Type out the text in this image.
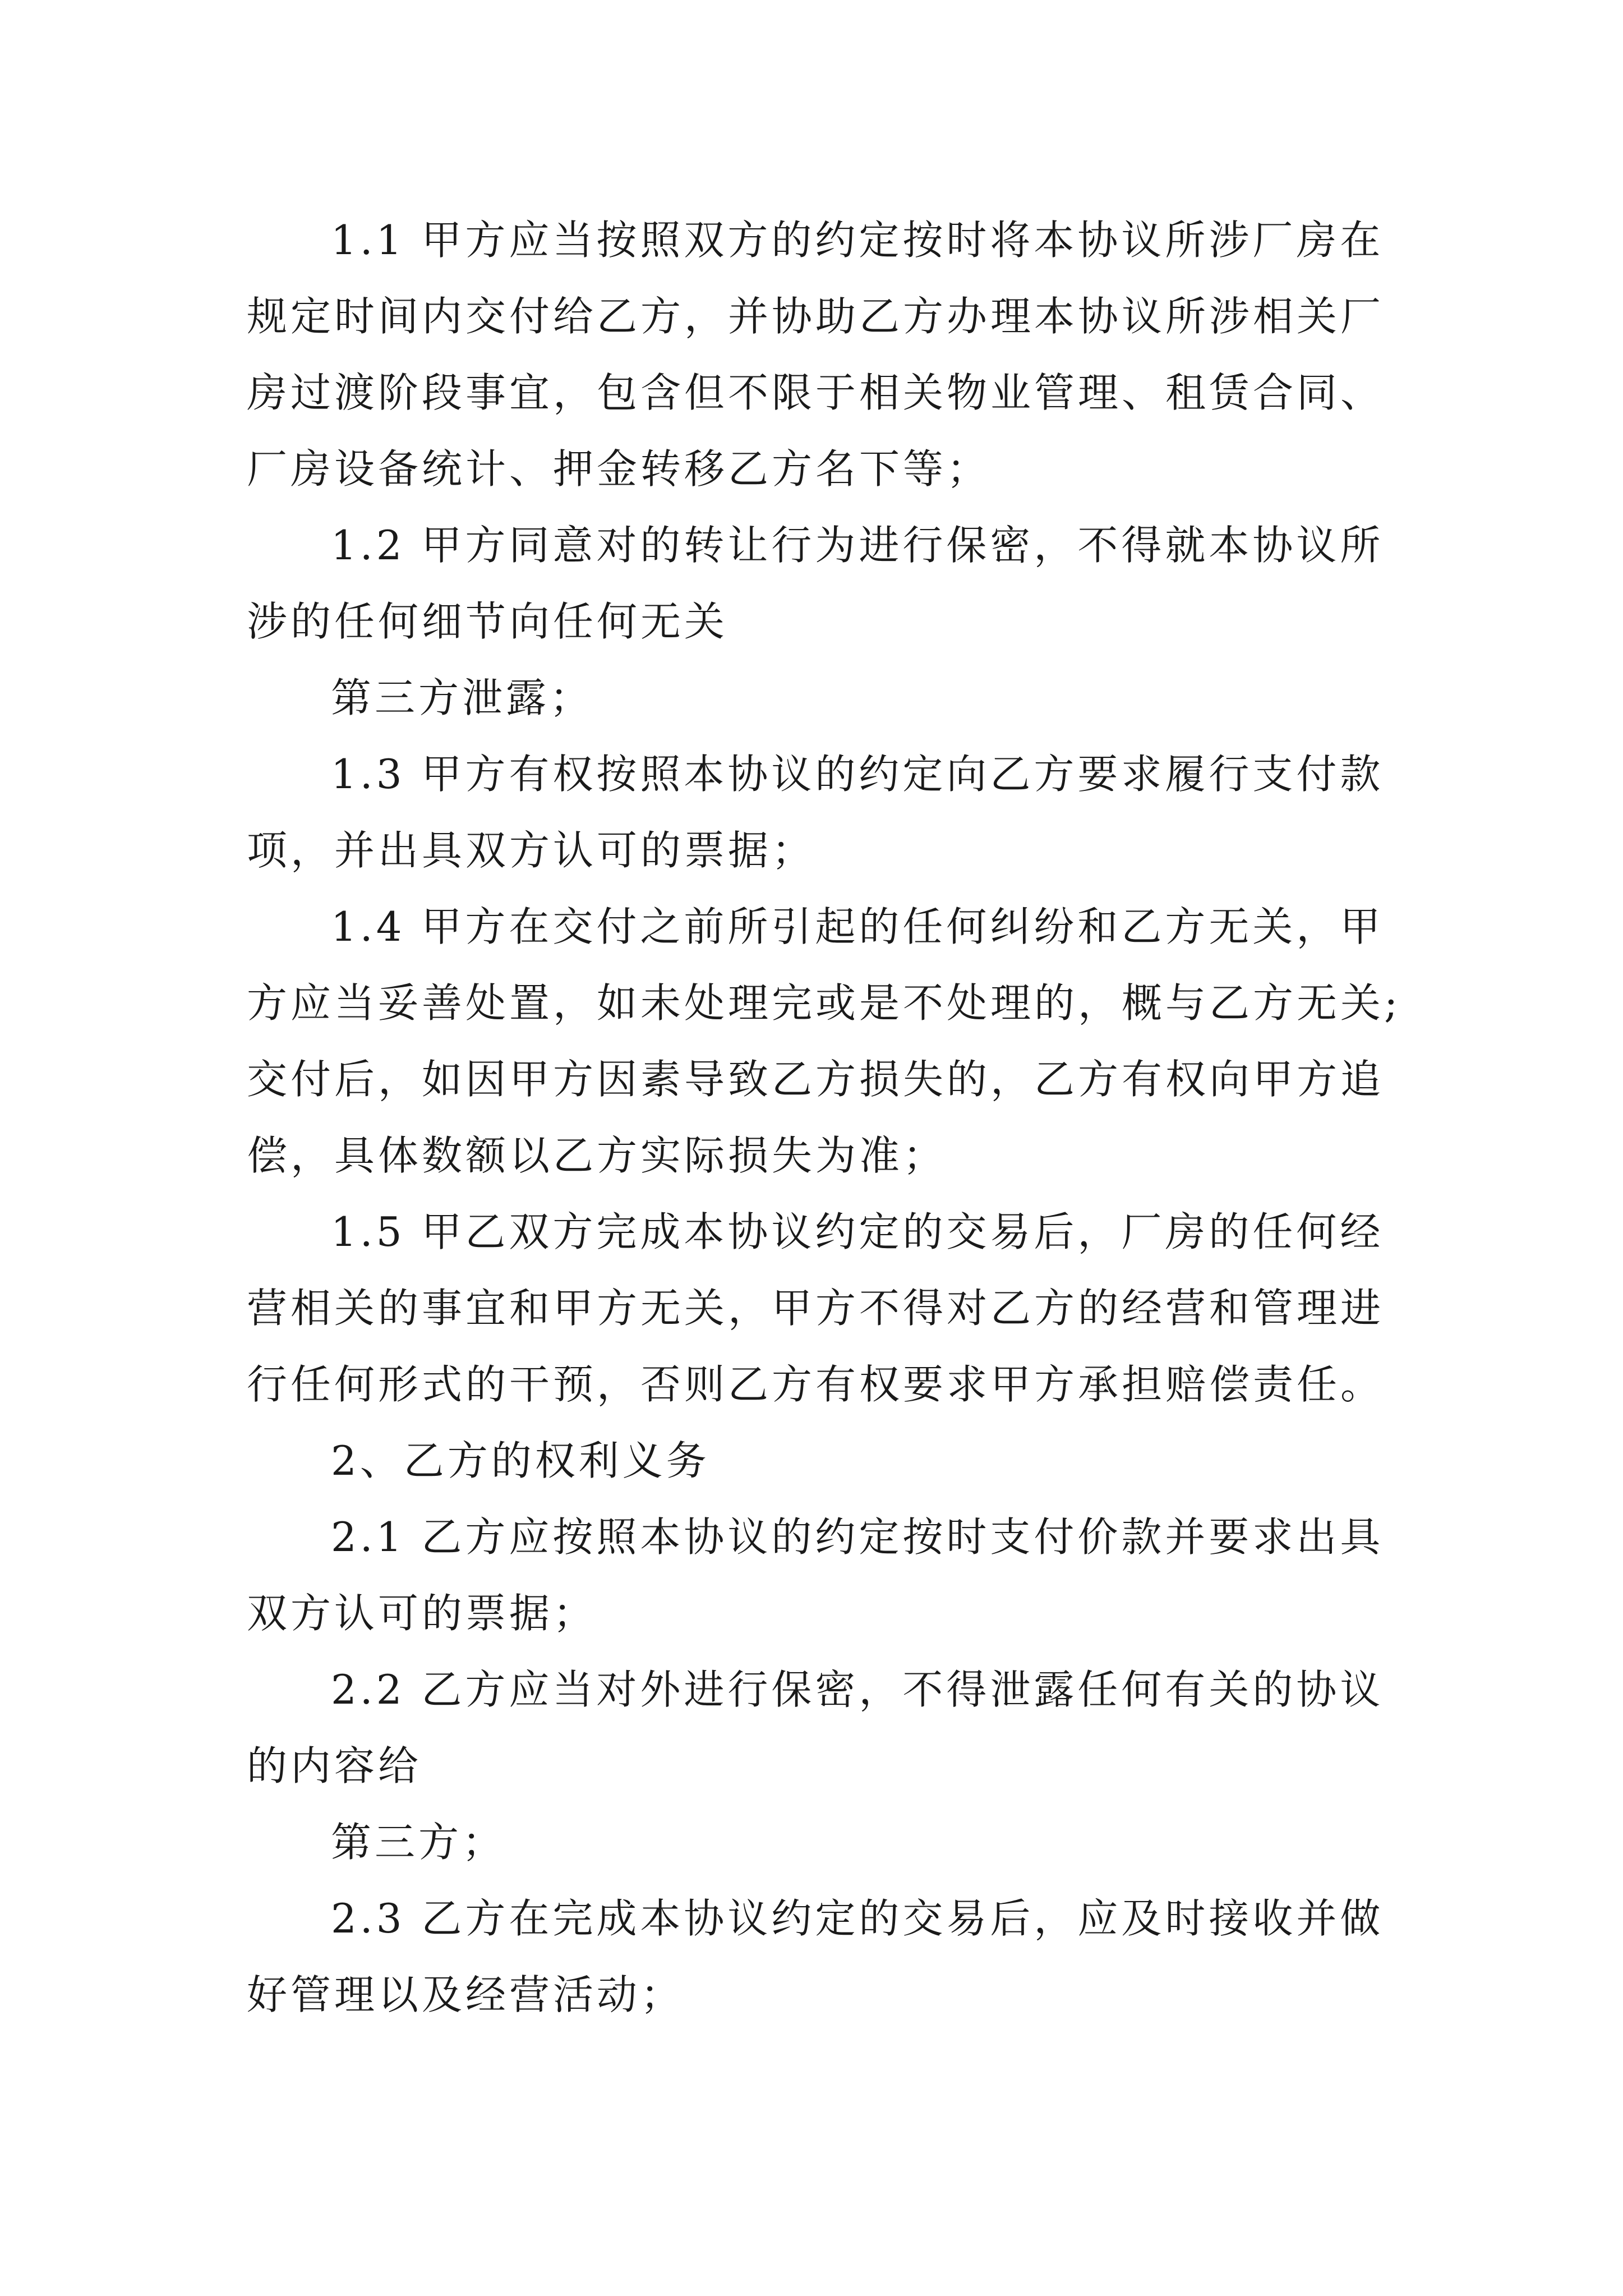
1.1 甲方应当按照双方的约定按时将本协议所涉厂房在
规定时间内交付给乙方，并协助乙方办理本协议所涉相关厂
房过渡阶段事宜，包含但不限于相关物业管理、租赁合同、
厂房设备统计、押金转移乙方名下等；
1.2 甲方同意对的转让行为进行保密，不得就本协议所
涉的任何细节向任何无关
第三方泄露；
1.3 甲方有权按照本协议的约定向乙方要求履行支付款
项，并出具双方认可的票据；
1.4 甲方在交付之前所引起的任何纠纷和乙方无关，甲
方应当妥善处置，如未处理完或是不处理的，概与乙方无关;
交付后，如因甲方因素导致乙方损失的，乙方有权向甲方追
偿，具体数额以乙方实际损失为准；
1.5 甲乙双方完成本协议约定的交易后，厂房的任何经
营相关的事宜和甲方无关，甲方不得对乙方的经营和管理进
行任何形式的干预，否则乙方有权要求甲方承担赔偿责任。
2、乙方的权利义务
2.1 乙方应按照本协议的约定按时支付价款并要求出具
双方认可的票据；
2.2 乙方应当对外进行保密，不得泄露任何有关的协议
的内容给
第三方；
2.3 乙方在完成本协议约定的交易后，应及时接收并做
好管理以及经营活动；
